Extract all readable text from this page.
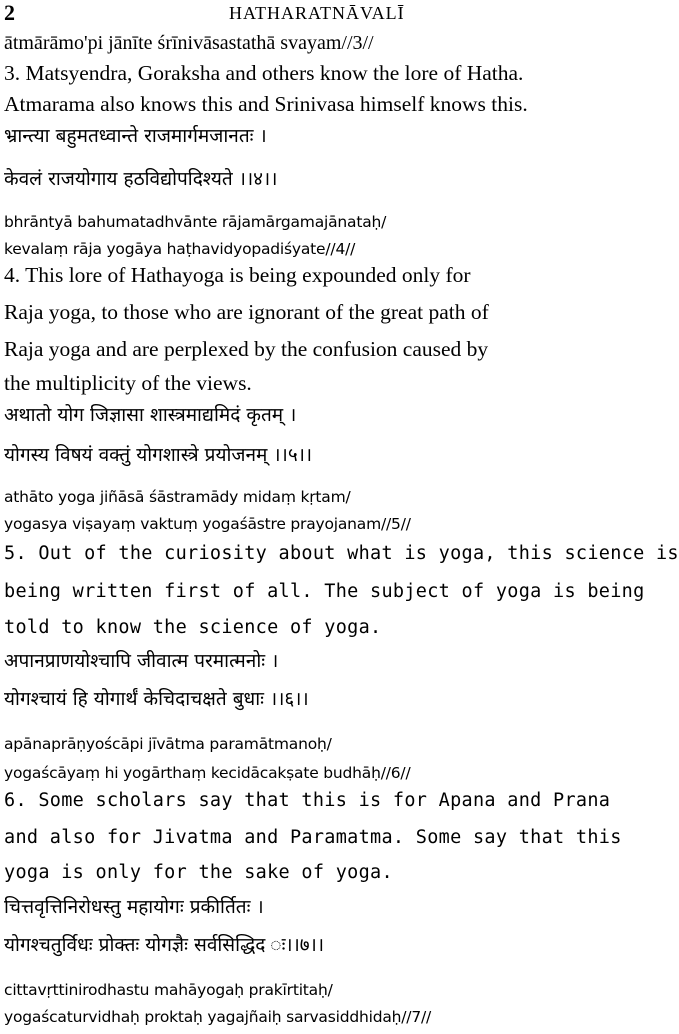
2	HATHARATNĀVALĪ
ātmārāmo'pi jānīte śrīnivāsastathā svayam//3//
3. Matsyendra, Goraksha and others know the lore of Hatha.
Atmarama also knows this and Srinivasa himself knows this.
भ्रान्त्या बहुमतध्वान्ते राजमार्गमजानतः ।
केवलं राजयोगाय हठविद्योपदिश्यते ।।४।।
bhrāntyā bahumatadhvānte rājamārgamajānataḥ/
kevalaṃ rāja yogāya haṭhavidyopadiśyate//4//
4. This lore of Hathayoga is being expounded only for
Raja yoga, to those who are ignorant of the great path of
Raja yoga and are perplexed by the confusion caused by
the multiplicity of the views.
अथातो योग जिज्ञासा शास्त्रमाद्यमिदं कृतम् ।
योगस्य विषयं वक्तुं योगशास्त्रे प्रयोजनम् ।।५।।
athāto yoga jiñāsā śāstramādy midaṃ kṛtam/
yogasya viṣayaṃ vaktuṃ yogaśāstre prayojanam//5//
5. Out of the curiosity about what is yoga, this science is
being written first of all. The subject of yoga is being
told to know the science of yoga.
अपानप्राणयोश्चापि जीवात्म परमात्मनोः ।
योगश्चायं हि योगार्थं केचिदाचक्षते बुधाः ।।६।।
apānaprāṇyoścāpi jīvātma paramātmanoḥ/
yogaścāyaṃ hi yogārthaṃ kecidācakṣate budhāḥ//6//
6. Some scholars say that this is for Apana and Prana
and also for Jivatma and Paramatma. Some say that this
yoga is only for the sake of yoga.
चित्तवृत्तिनिरोधस्तु महायोगः प्रकीर्तितः ।
योगश्चतुर्विधः प्रोक्तः योगज्ञैः सर्वसिद्धिद ः।।७।।
cittavṛttinirodhastu mahāyogaḥ prakīrtitaḥ/
yogaścaturvidhaḥ proktaḥ yagajñaiḥ sarvasiddhidaḥ//7//
